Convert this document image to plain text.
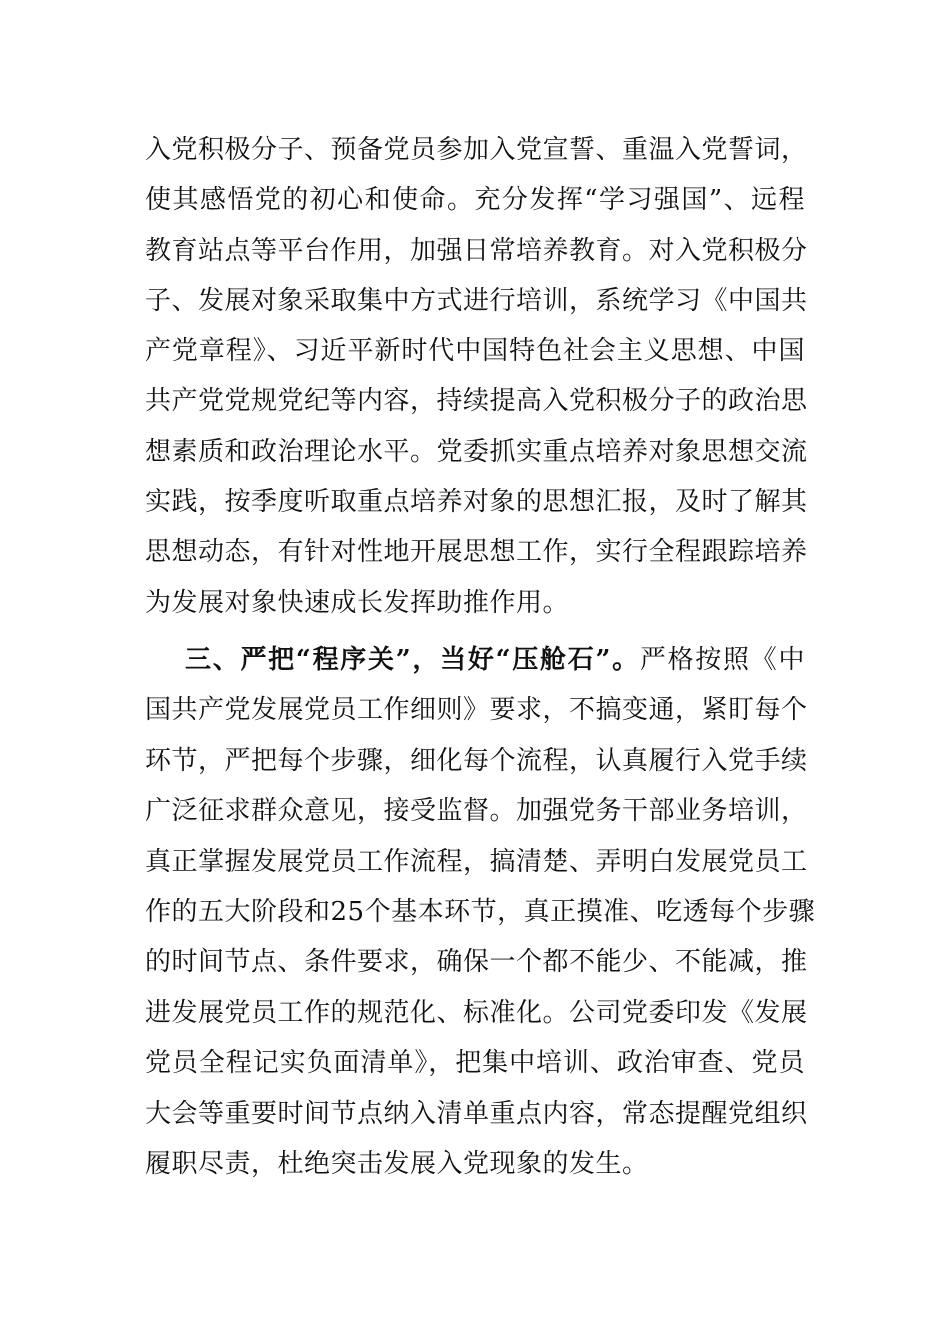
入党积极分子、预备党员参加入党宣誓、重温入党誓词，
使其感悟党的初心和使命。充分发挥“学习强国”、远程
教育站点等平台作用，加强日常培养教育。对入党积极分
子、发展对象采取集中方式进行培训，系统学习《中国共
产党章程》、习近平新时代中国特色社会主义思想、中国
共产党党规党纪等内容，持续提高入党积极分子的政治思
想素质和政治理论水平。党委抓实重点培养对象思想交流
实践，按季度听取重点培养对象的思想汇报，及时了解其
思想动态，有针对性地开展思想工作，实行全程跟踪培养
为发展对象快速成长发挥助推作用。
三、严把“程序关”，当好“压舱石”。严格按照《中
国共产党发展党员工作细则》要求，不搞变通，紧盯每个
环节，严把每个步骤，细化每个流程，认真履行入党手续
广泛征求群众意见，接受监督。加强党务干部业务培训，
真正掌握发展党员工作流程，搞清楚、弄明白发展党员工
作的五大阶段和25个基本环节，真正摸准、吃透每个步骤
的时间节点、条件要求，确保一个都不能少、不能减，推
进发展党员工作的规范化、标准化。公司党委印发《发展
党员全程记实负面清单》，把集中培训、政治审查、党员
大会等重要时间节点纳入清单重点内容，常态提醒党组织
履职尽责，杜绝突击发展入党现象的发生。
